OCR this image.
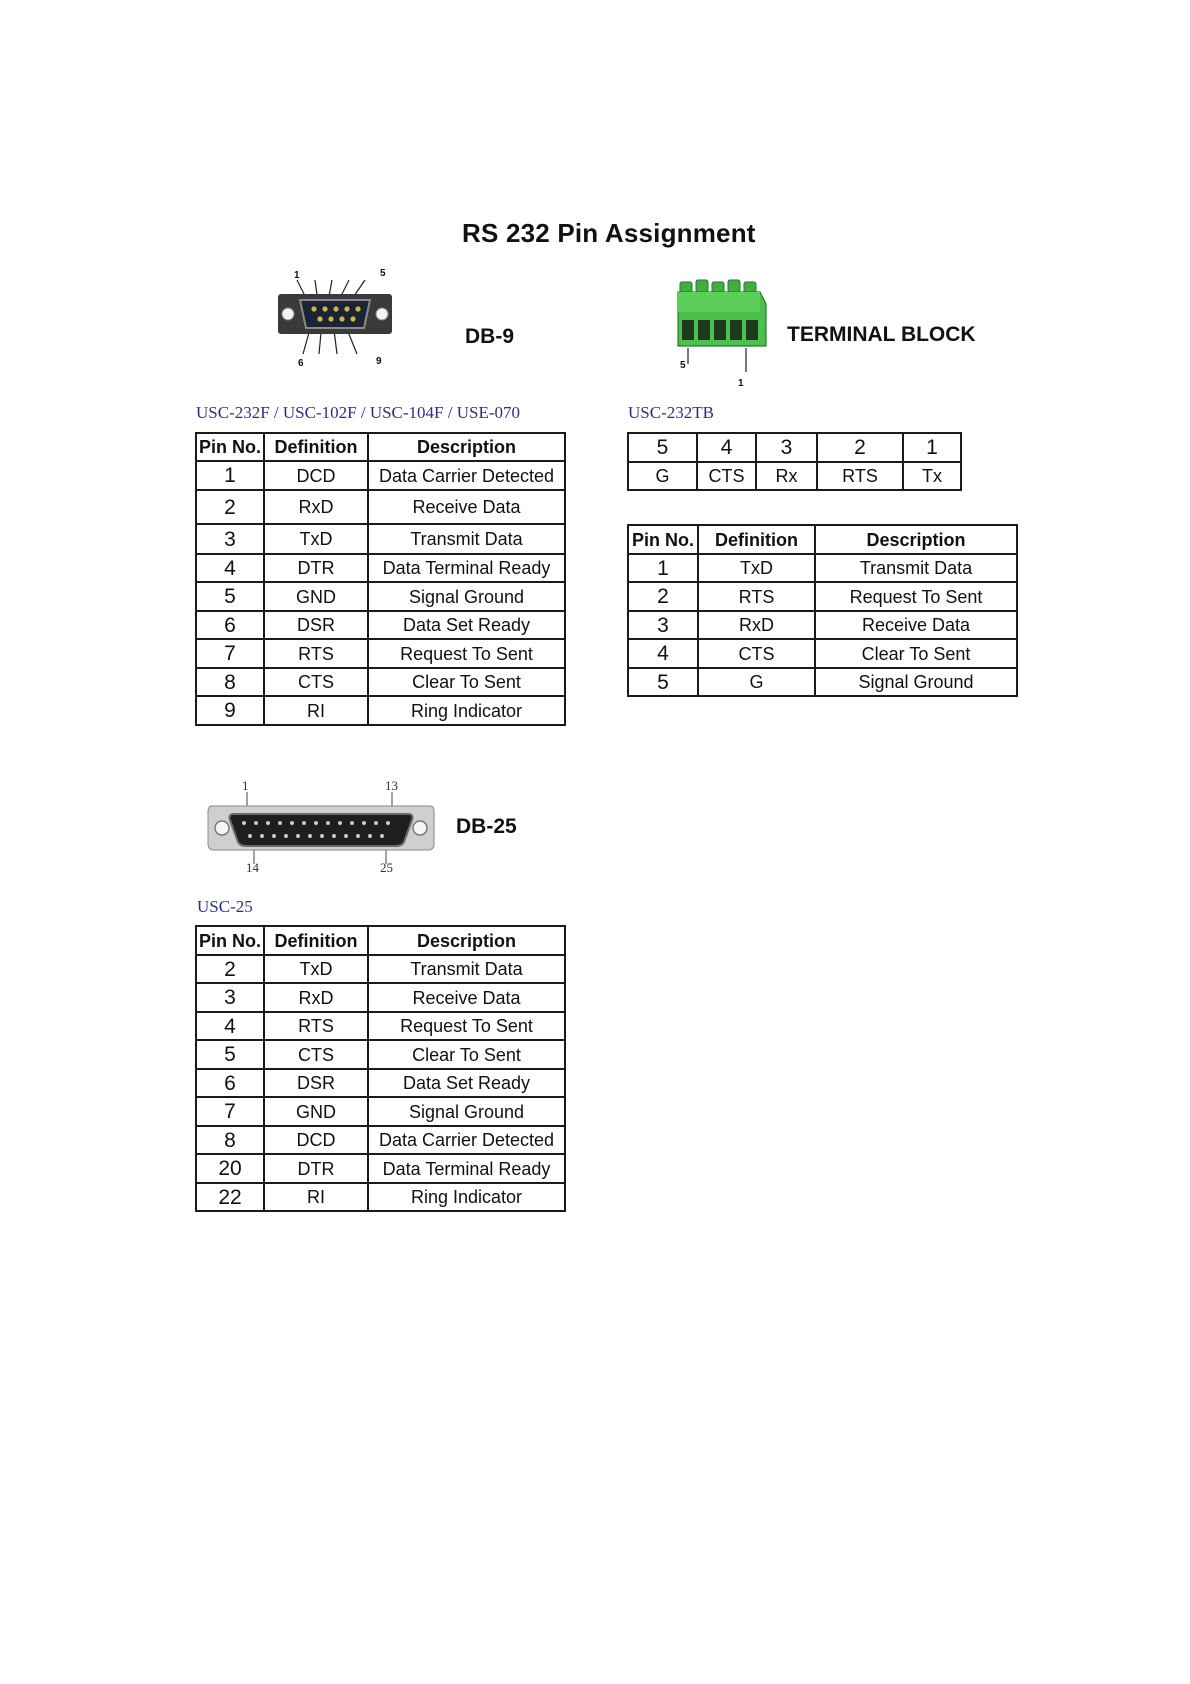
RS 232 Pin Assignment
1	5
6	9
DB-9
5
1
TERMINAL BLOCK
USC-232F / USC-102F / USC-104F / USE-070	USC-232TB
Pin No.	Definition	Description
1	DCD	Data Carrier Detected
2	RxD	Receive Data
3	TxD	Transmit Data
4	DTR	Data Terminal Ready
5	GND	Signal Ground
6	DSR	Data Set Ready
7	RTS	Request To Sent
8	CTS	Clear To Sent
9	RI	Ring Indicator
5	4	3	2	1
G	CTS	Rx	RTS	Tx
Pin No.	Definition	Description
1	TxD	Transmit Data
2	RTS	Request To Sent
3	RxD	Receive Data
4	CTS	Clear To Sent
5	G	Signal Ground
1	13
14	25
DB-25
USC-25
Pin No.	Definition	Description
2	TxD	Transmit Data
3	RxD	Receive Data
4	RTS	Request To Sent
5	CTS	Clear To Sent
6	DSR	Data Set Ready
7	GND	Signal Ground
8	DCD	Data Carrier Detected
20	DTR	Data Terminal Ready
22	RI	Ring Indicator
